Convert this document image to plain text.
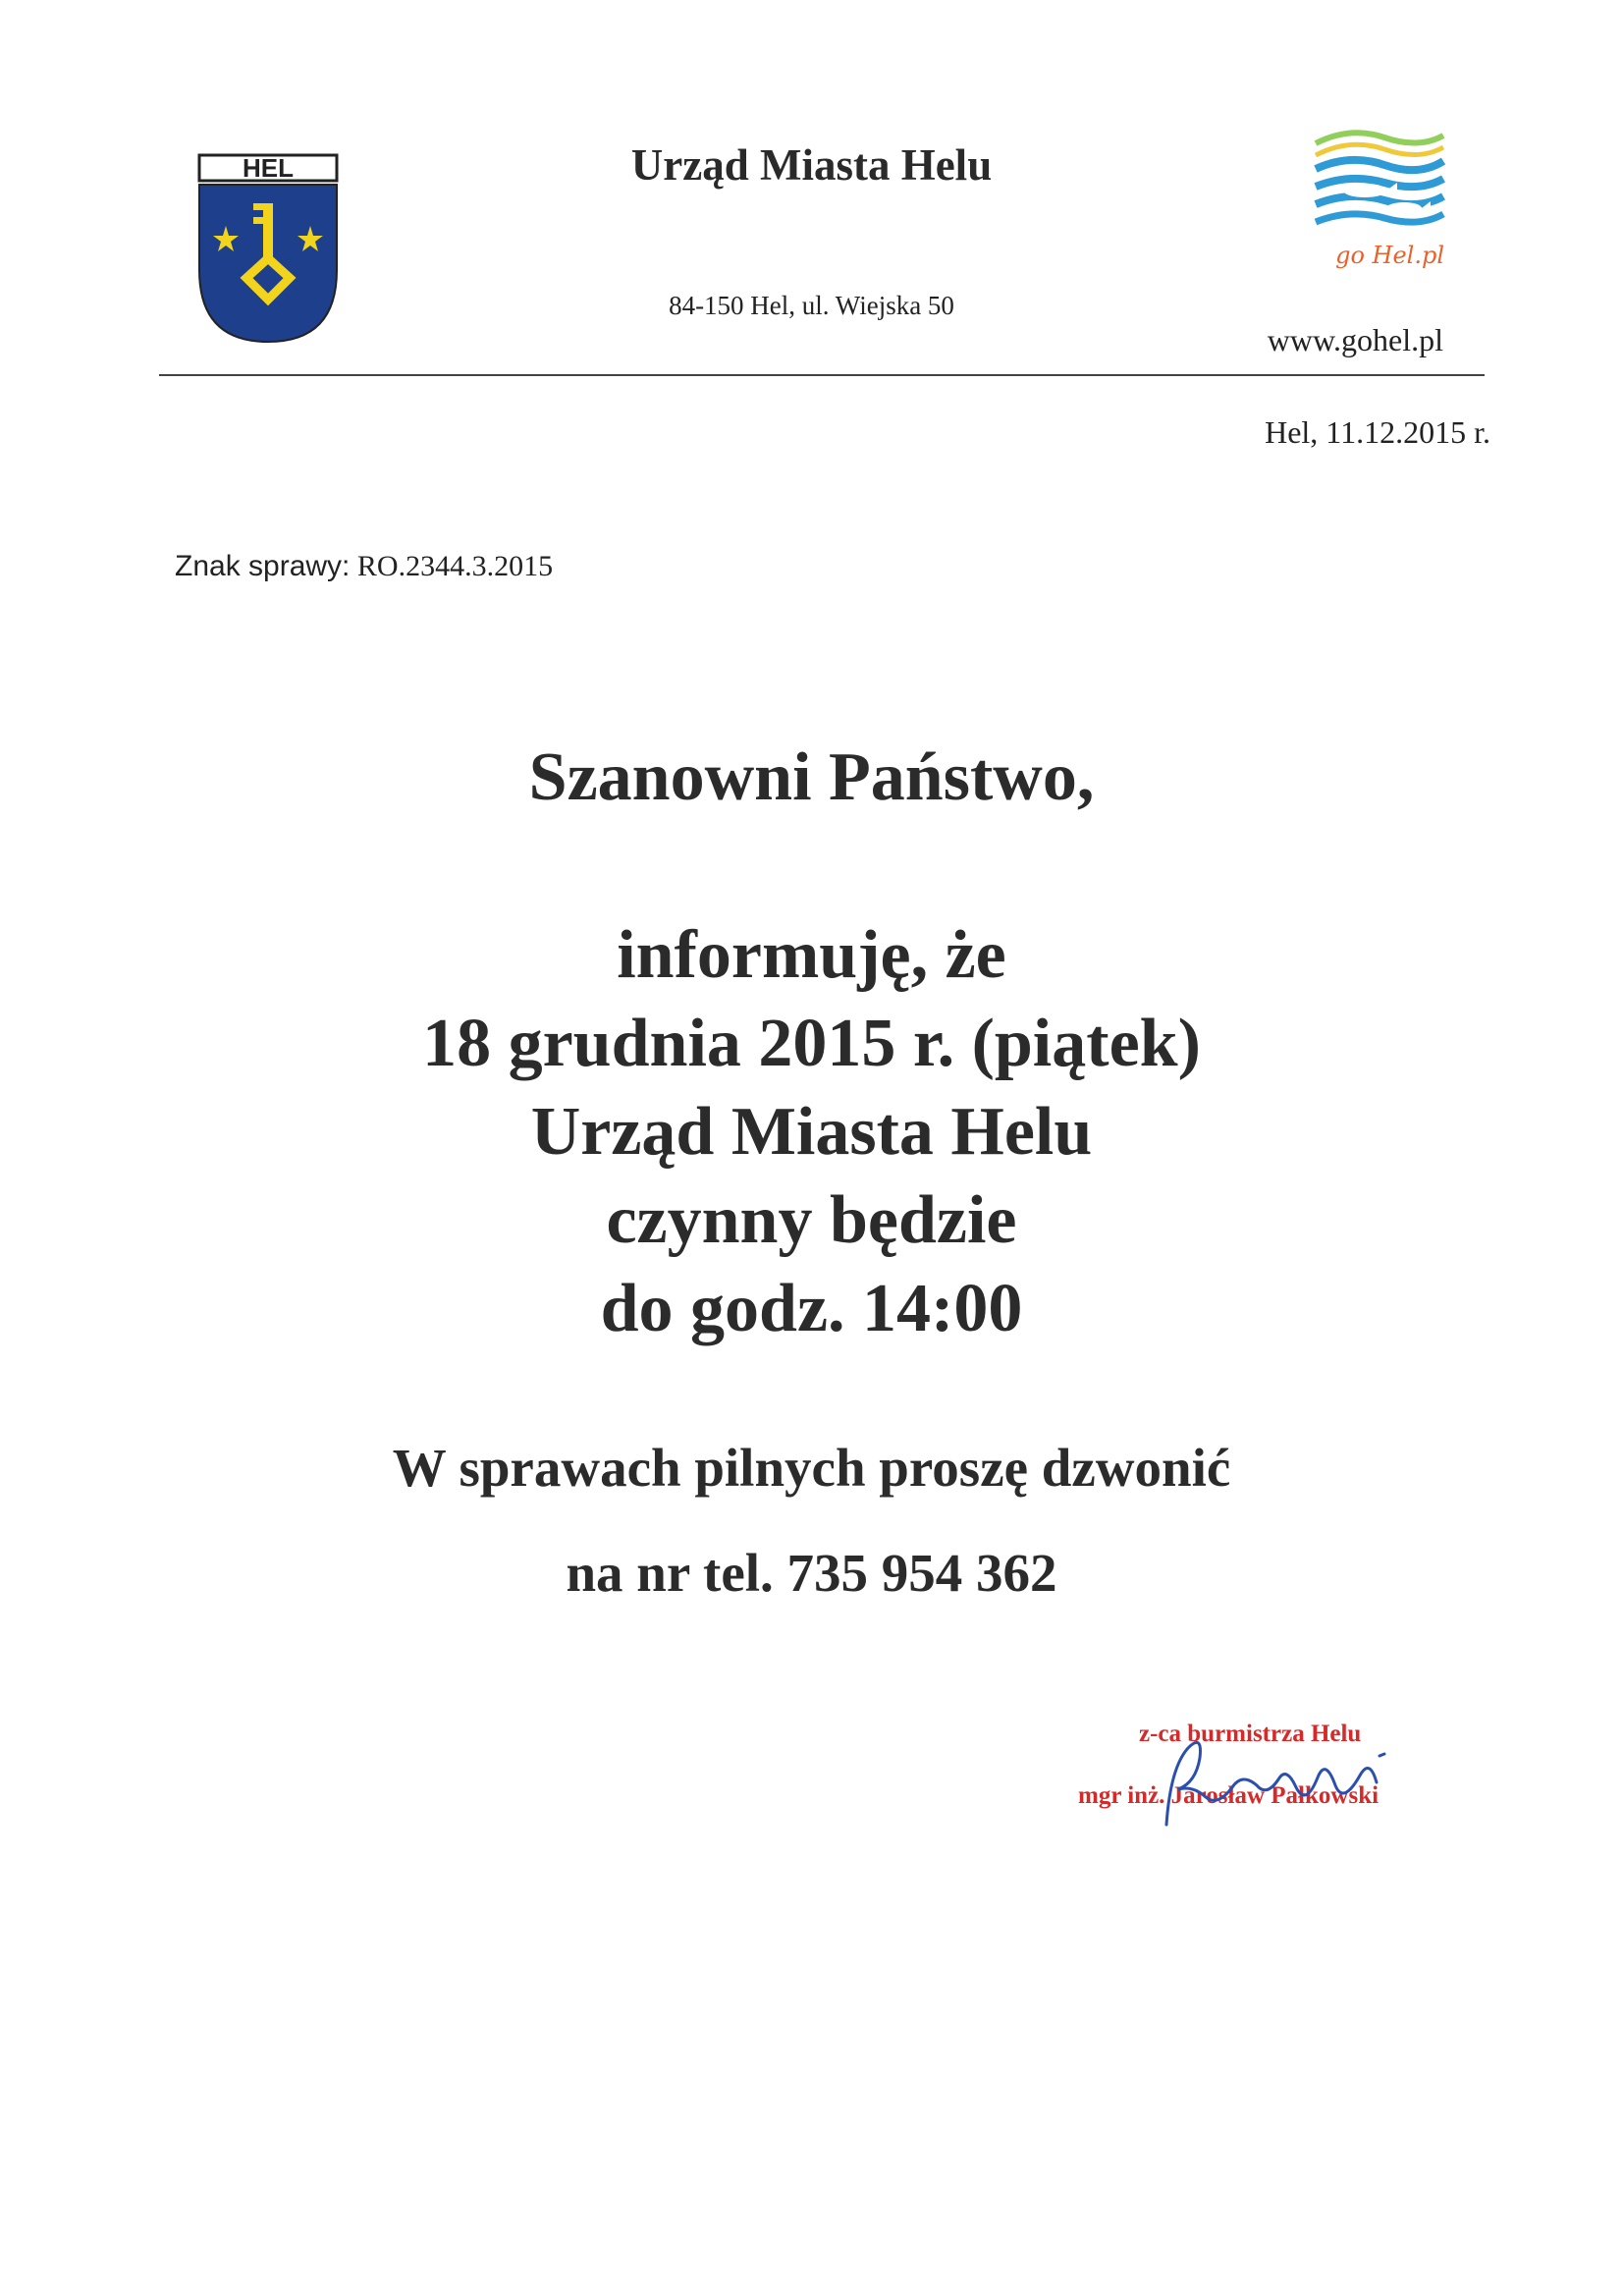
HEL	Urząd Miasta Helu
84-150 Hel, ul. Wiejska 50
go Hel.pl
www.gohel.pl
Hel, 11.12.2015 r.
Znak sprawy: RO.2344.3.2015
Szanowni Państwo,
informuję, że
18 grudnia 2015 r. (piątek)
Urząd Miasta Helu
czynny będzie
do godz. 14:00
W sprawach pilnych proszę dzwonić
na nr tel. 735 954 362
z-ca burmistrza Helu
mgr inż. Jarosław Pałkowski
